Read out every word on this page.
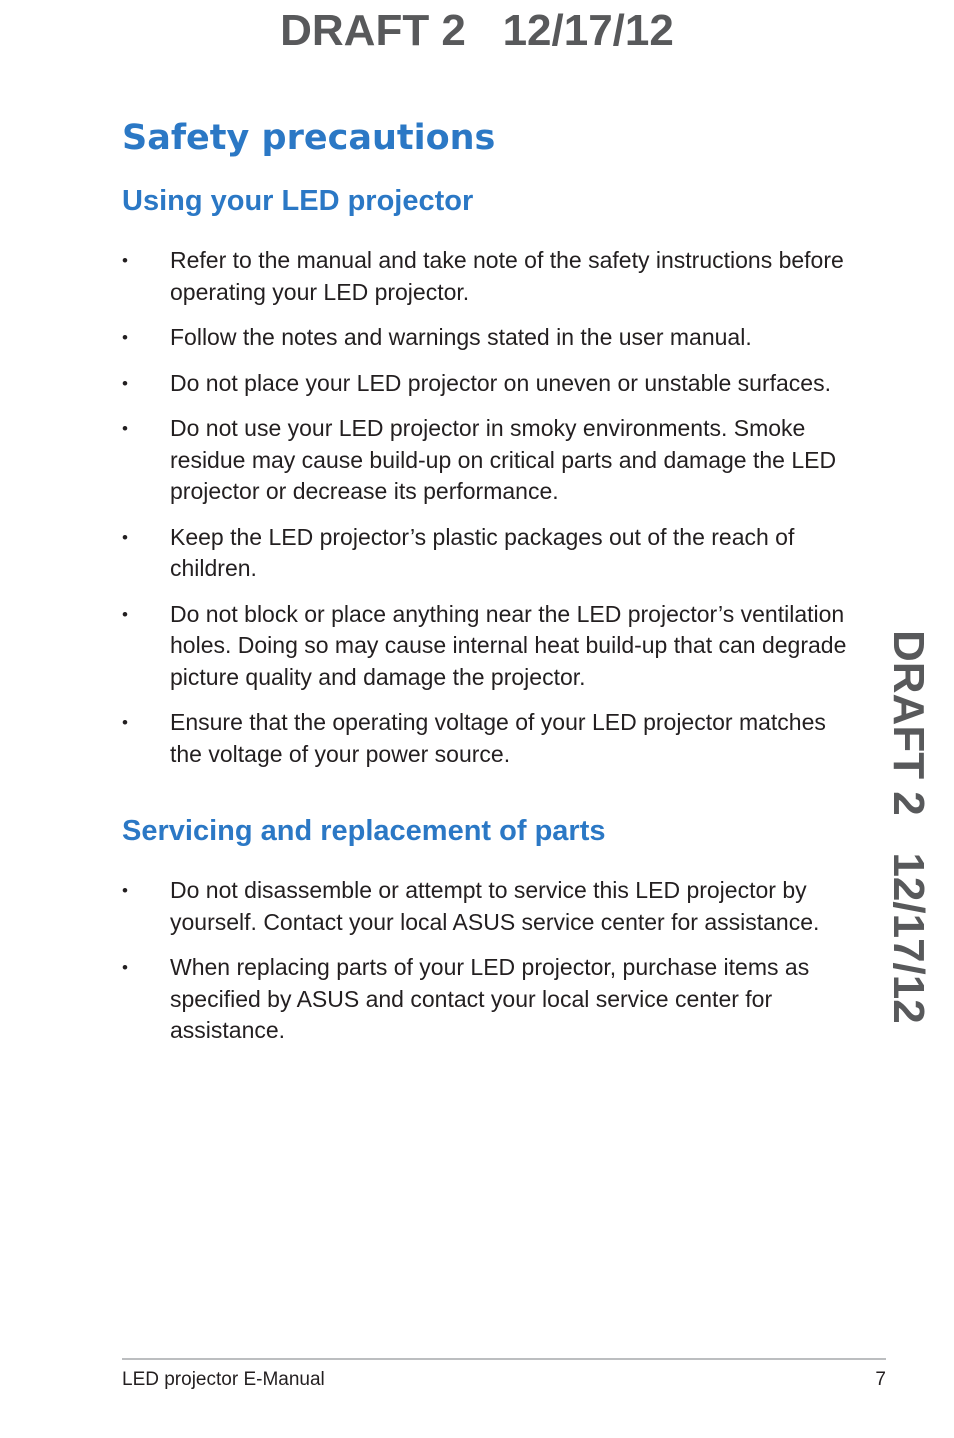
DRAFT 2   12/17/12
DRAFT 2   12/17/12
Safety precautions
Using your LED projector
• Refer to the manual and take note of the safety instructions before operating your LED projector.
• Follow the notes and warnings stated in the user manual.
• Do not place your LED projector on uneven or unstable surfaces.
• Do not use your LED projector in smoky environments. Smoke residue may cause build-up on critical parts and damage the LED projector or decrease its performance.
• Keep the LED projector’s plastic packages out of the reach of children.
• Do not block or place anything near the LED projector’s ventilation holes. Doing so may cause internal heat build-up that can degrade picture quality and damage the projector.
• Ensure that the operating voltage of your LED projector matches the voltage of your power source.
Servicing and replacement of parts
• Do not disassemble or attempt to service this LED projector by yourself. Contact your local ASUS service center for assistance.
• When replacing parts of your LED projector, purchase items as specified by ASUS and contact your local service center for assistance.
LED projector E-Manual	7
